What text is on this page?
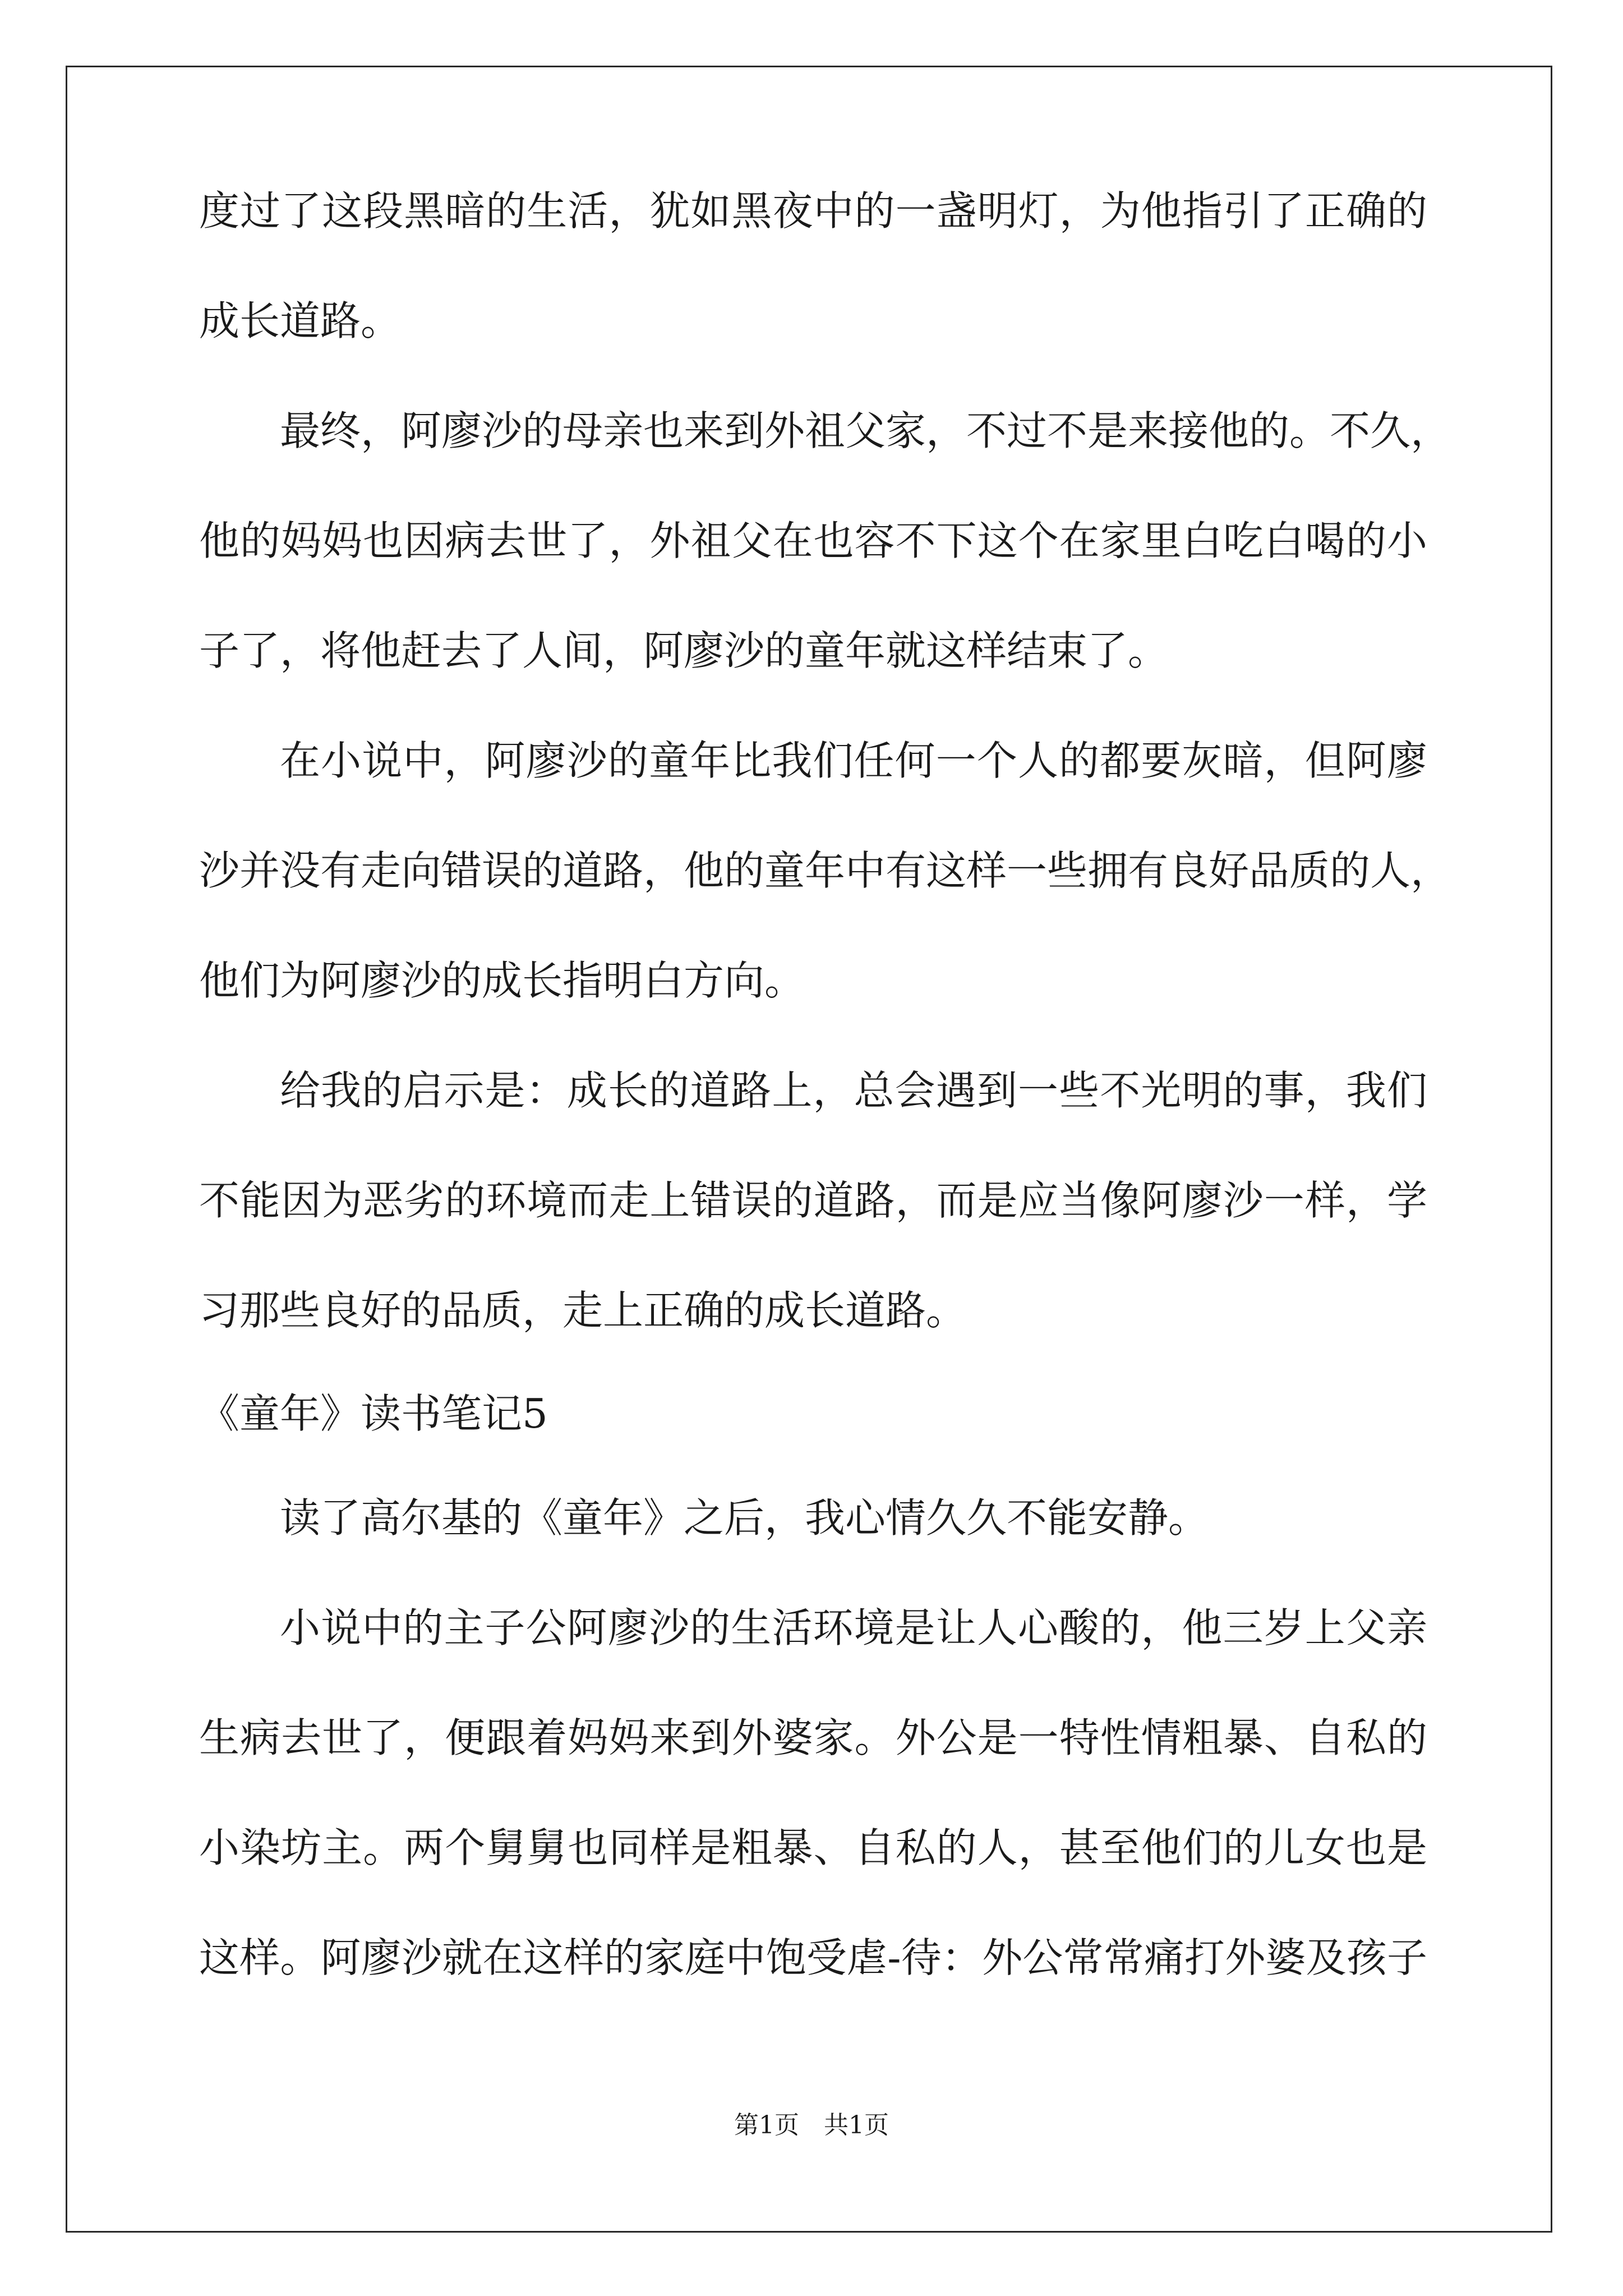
度过了这段黑暗的生活，犹如黑夜中的一盏明灯，为他指引了正确的
成长道路。
最终，阿廖沙的母亲也来到外祖父家，不过不是来接他的。不久，
他的妈妈也因病去世了，外祖父在也容不下这个在家里白吃白喝的小
子了，将他赶去了人间，阿廖沙的童年就这样结束了。
在小说中，阿廖沙的童年比我们任何一个人的都要灰暗，但阿廖
沙并没有走向错误的道路，他的童年中有这样一些拥有良好品质的人，
他们为阿廖沙的成长指明白方向。
给我的启示是：成长的道路上，总会遇到一些不光明的事，我们
不能因为恶劣的环境而走上错误的道路，而是应当像阿廖沙一样，学
习那些良好的品质，走上正确的成长道路。
《童年》读书笔记5
读了高尔基的《童年》之后，我心情久久不能安静。
小说中的主子公阿廖沙的生活环境是让人心酸的，他三岁上父亲
生病去世了，便跟着妈妈来到外婆家。外公是一特性情粗暴、自私的
小染坊主。两个舅舅也同样是粗暴、自私的人，甚至他们的儿女也是
这样。阿廖沙就在这样的家庭中饱受虐-待：外公常常痛打外婆及孩子
第1页　共1页
